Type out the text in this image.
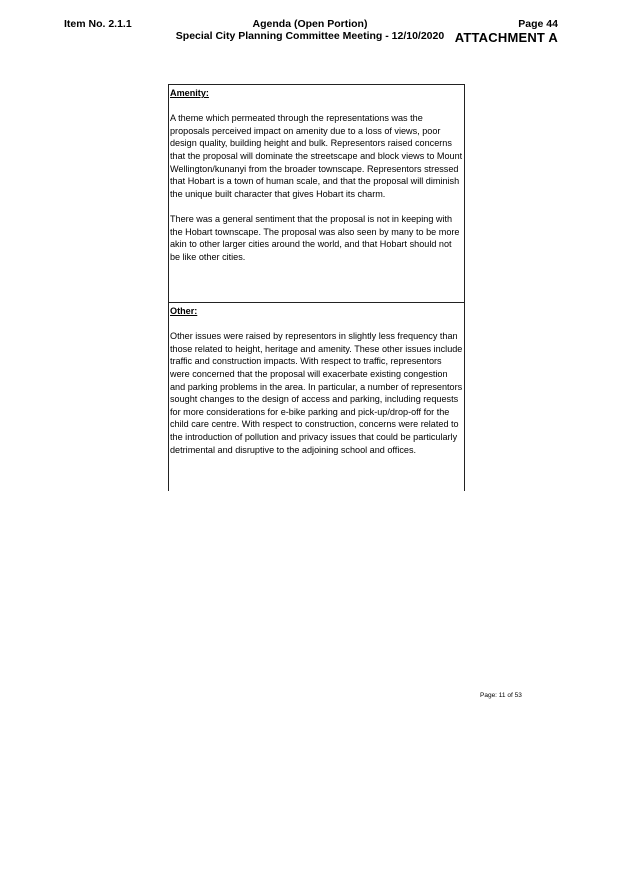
Item No. 2.1.1	Agenda (Open Portion)
Special City Planning Committee Meeting - 12/10/2020
Page 44
ATTACHMENT A
Amenity:

A theme which permeated through the representations was the proposals perceived impact on amenity due to a loss of views, poor design quality, building height and bulk. Representors raised concerns that the proposal will dominate the streetscape and block views to Mount Wellington/kunanyi from the broader townscape. Representors stressed that Hobart is a town of human scale, and that the proposal will diminish the unique built character that gives Hobart its charm.

There was a general sentiment that the proposal is not in keeping with the Hobart townscape. The proposal was also seen by many to be more akin to other larger cities around the world, and that Hobart should not be like other cities.

Other:

Other issues were raised by representors in slightly less frequency than those related to height, heritage and amenity. These other issues include traffic and construction impacts. With respect to traffic, representors were concerned that the proposal will exacerbate existing congestion and parking problems in the area. In particular, a number of representors sought changes to the design of access and parking, including requests for more considerations for e-bike parking and pick-up/drop-off for the child care centre. With respect to construction, concerns were related to the introduction of pollution and privacy issues that could be particularly detrimental and disruptive to the adjoining school and offices.

Page: 11 of 53
